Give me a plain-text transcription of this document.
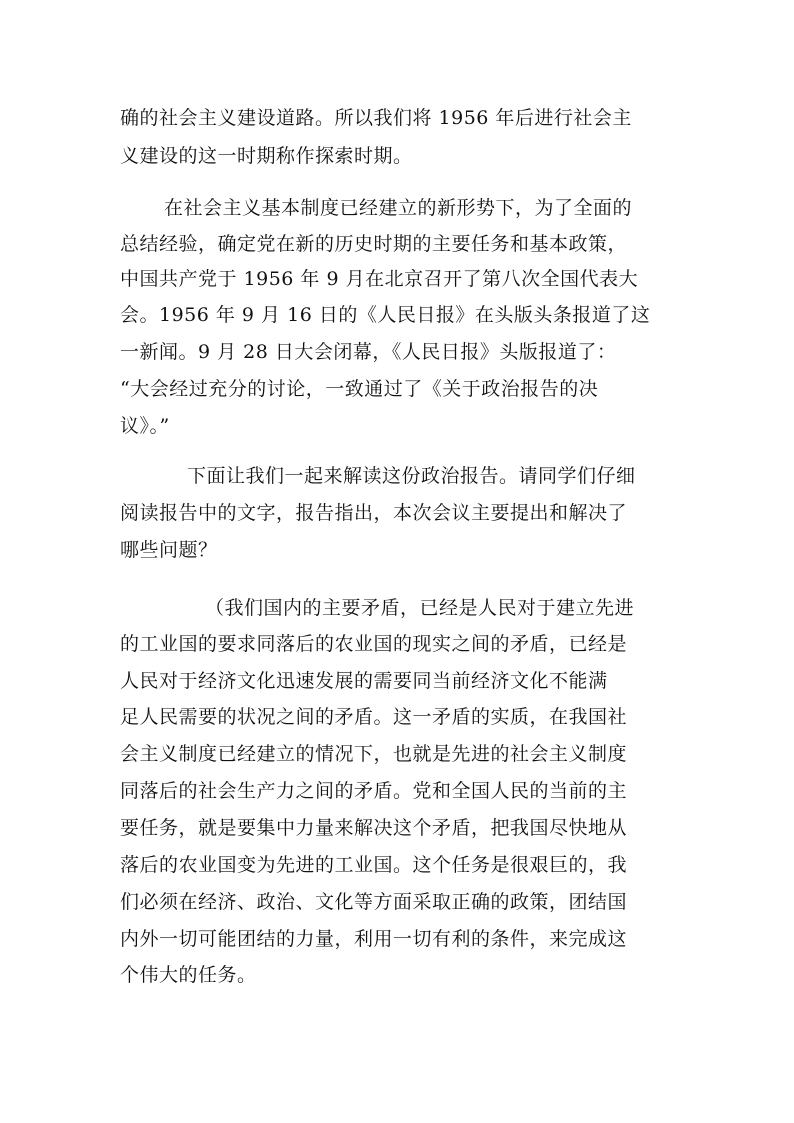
确的社会主义建设道路。所以我们将 1956 年后进行社会主
义建设的这一时期称作探索时期。
在社会主义基本制度已经建立的新形势下，为了全面的
总结经验，确定党在新的历史时期的主要任务和基本政策，
中国共产党于 1956 年 9 月在北京召开了第八次全国代表大
会。1956 年 9 月 16 日的《人民日报》在头版头条报道了这
一新闻。9 月 28 日大会闭幕，《人民日报》头版报道了：
“大会经过充分的讨论，一致通过了《关于政治报告的决
议》。”
下面让我们一起来解读这份政治报告。请同学们仔细
阅读报告中的文字，报告指出，本次会议主要提出和解决了
哪些问题？
（我们国内的主要矛盾，已经是人民对于建立先进
的工业国的要求同落后的农业国的现实之间的矛盾，已经是
人民对于经济文化迅速发展的需要同当前经济文化不能满
足人民需要的状况之间的矛盾。这一矛盾的实质，在我国社
会主义制度已经建立的情况下，也就是先进的社会主义制度
同落后的社会生产力之间的矛盾。党和全国人民的当前的主
要任务，就是要集中力量来解决这个矛盾，把我国尽快地从
落后的农业国变为先进的工业国。这个任务是很艰巨的，我
们必须在经济、政治、文化等方面采取正确的政策，团结国
内外一切可能团结的力量，利用一切有利的条件，来完成这
个伟大的任务。
